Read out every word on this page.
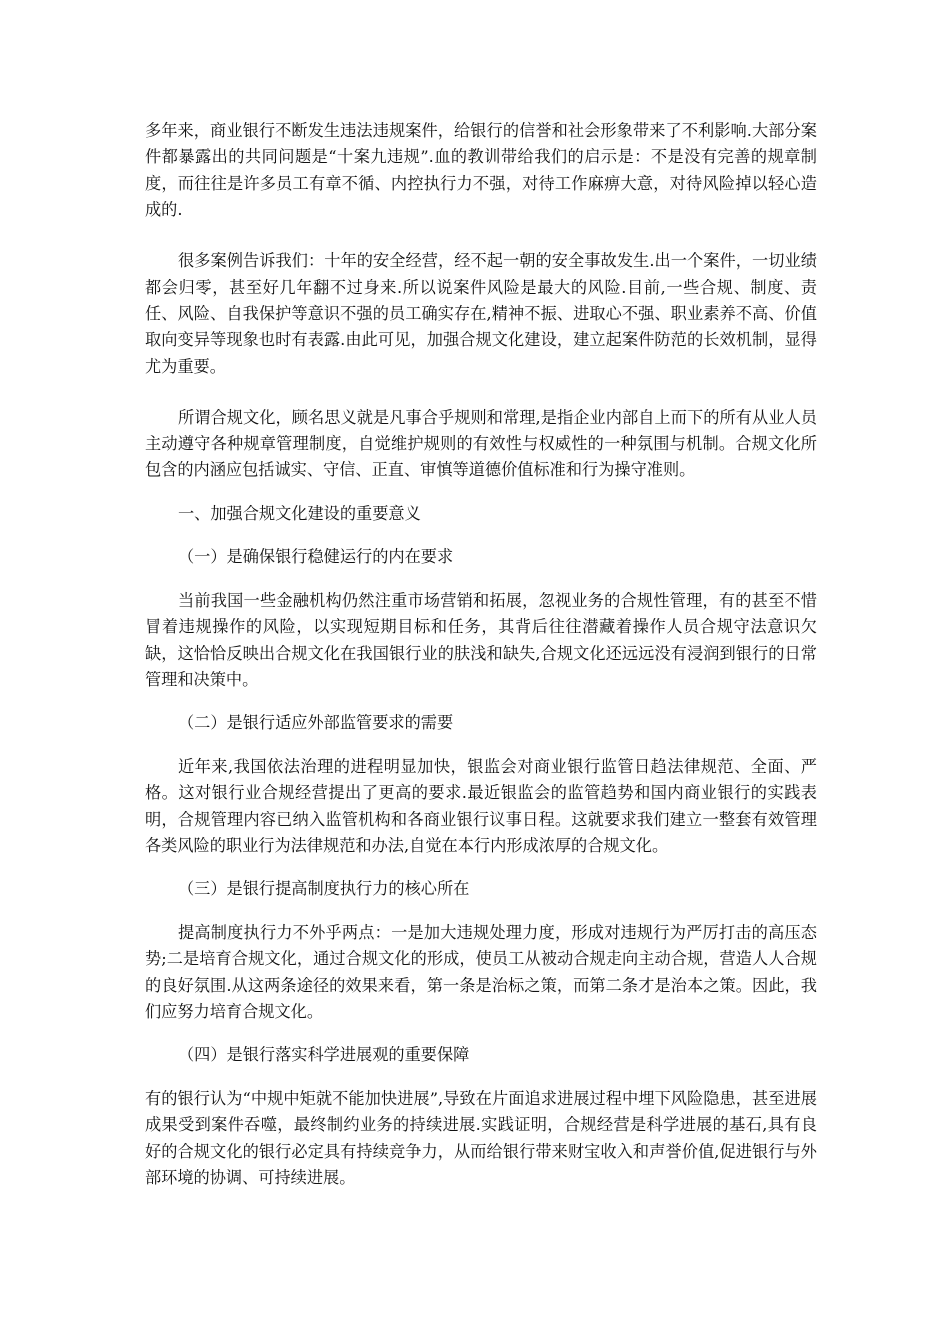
多年来，商业银行不断发生违法违规案件，给银行的信誉和社会形象带来了不利影响.大部分案件都暴露出的共同问题是“十案九违规”.血的教训带给我们的启示是：不是没有完善的规章制度，而往往是许多员工有章不循、内控执行力不强，对待工作麻痹大意，对待风险掉以轻心造成的.

很多案例告诉我们：十年的安全经营，经不起一朝的安全事故发生.出一个案件，一切业绩都会归零，甚至好几年翻不过身来.所以说案件风险是最大的风险.目前,一些合规、制度、责任、风险、自我保护等意识不强的员工确实存在,精神不振、进取心不强、职业素养不高、价值取向变异等现象也时有表露.由此可见，加强合规文化建设，建立起案件防范的长效机制，显得尤为重要。

所谓合规文化，顾名思义就是凡事合乎规则和常理,是指企业内部自上而下的所有从业人员主动遵守各种规章管理制度，自觉维护规则的有效性与权威性的一种氛围与机制。合规文化所包含的内涵应包括诚实、守信、正直、审慎等道德价值标准和行为操守准则。

一、加强合规文化建设的重要意义

（一）是确保银行稳健运行的内在要求

当前我国一些金融机构仍然注重市场营销和拓展，忽视业务的合规性管理，有的甚至不惜冒着违规操作的风险，以实现短期目标和任务，其背后往往潜藏着操作人员合规守法意识欠缺，这恰恰反映出合规文化在我国银行业的肤浅和缺失,合规文化还远远没有浸润到银行的日常管理和决策中。

（二）是银行适应外部监管要求的需要

近年来,我国依法治理的进程明显加快，银监会对商业银行监管日趋法律规范、全面、严格。这对银行业合规经营提出了更高的要求.最近银监会的监管趋势和国内商业银行的实践表明，合规管理内容已纳入监管机构和各商业银行议事日程。这就要求我们建立一整套有效管理各类风险的职业行为法律规范和办法,自觉在本行内形成浓厚的合规文化。

（三）是银行提高制度执行力的核心所在

提高制度执行力不外乎两点：一是加大违规处理力度，形成对违规行为严厉打击的高压态势;二是培育合规文化，通过合规文化的形成，使员工从被动合规走向主动合规，营造人人合规的良好氛围.从这两条途径的效果来看，第一条是治标之策，而第二条才是治本之策。因此，我们应努力培育合规文化。

（四）是银行落实科学进展观的重要保障

有的银行认为“中规中矩就不能加快进展”,导致在片面追求进展过程中埋下风险隐患，甚至进展成果受到案件吞噬，最终制约业务的持续进展.实践证明，合规经营是科学进展的基石,具有良好的合规文化的银行必定具有持续竞争力，从而给银行带来财宝收入和声誉价值,促进银行与外部环境的协调、可持续进展。
